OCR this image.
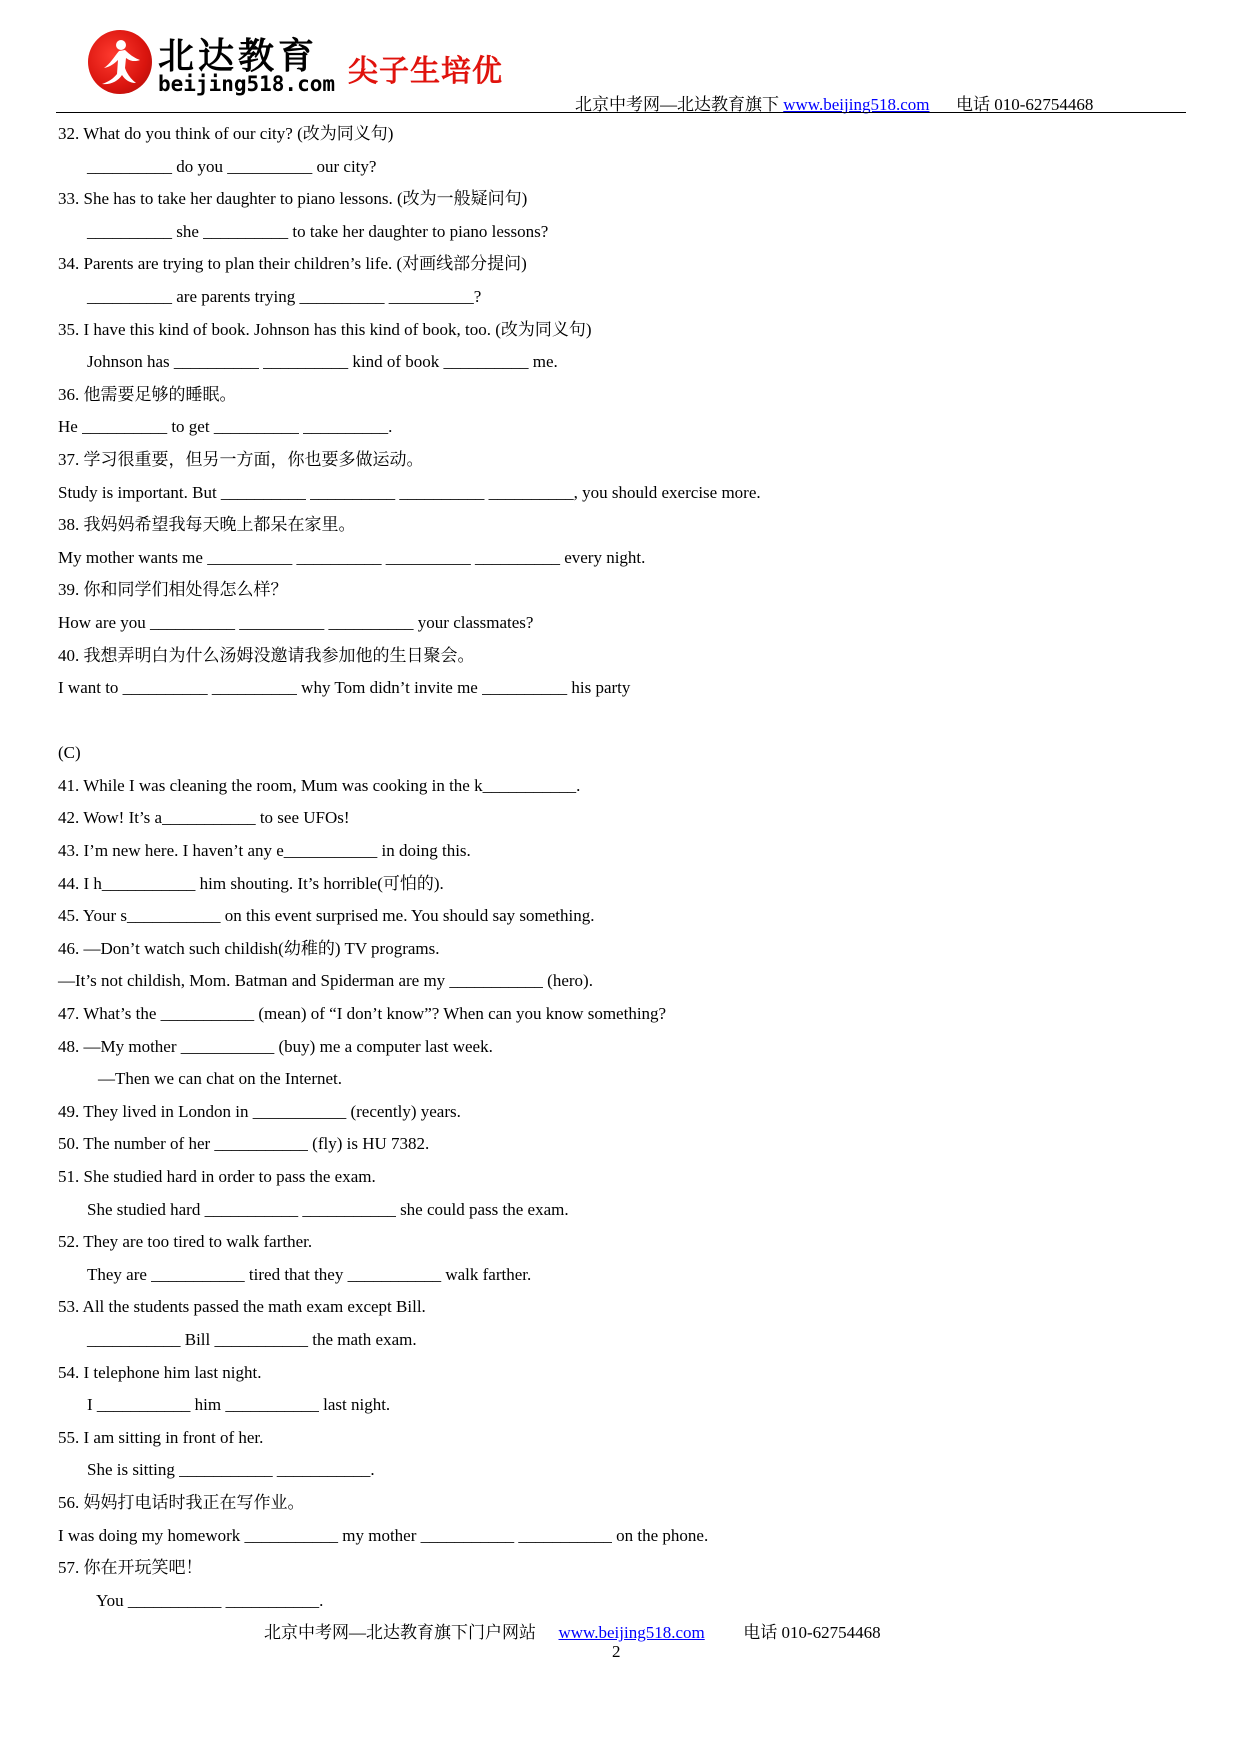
北达教育
beijing518.com 尖子生培优
北京中考网—北达教育旗下 www.beijing518.com 电话 010-62754468
32. What do you think of our city? (改为同义句)
__________ do you __________ our city?
33. She has to take her daughter to piano lessons. (改为一般疑问句)
__________ she __________ to take her daughter to piano lessons?
34. Parents are trying to plan their children’s life. (对画线部分提问)
__________ are parents trying __________ __________?
35. I have this kind of book. Johnson has this kind of book, too. (改为同义句)
Johnson has __________ __________ kind of book __________ me.
36. 他需要足够的睡眠。
He __________ to get __________ __________.
37. 学习很重要，但另一方面，你也要多做运动。
Study is important. But __________ __________ __________ __________, you should exercise more.
38. 我妈妈希望我每天晚上都呆在家里。
My mother wants me __________ __________ __________ __________ every night.
39. 你和同学们相处得怎么样？
How are you __________ __________ __________ your classmates?
40. 我想弄明白为什么汤姆没邀请我参加他的生日聚会。
I want to __________ __________ why Tom didn’t invite me __________ his party
(C)
41. While I was cleaning the room, Mum was cooking in the k___________.
42. Wow! It’s a___________ to see UFOs!
43. I’m new here. I haven’t any e___________ in doing this.
44. I h___________ him shouting. It’s horrible(可怕的).
45. Your s___________ on this event surprised me. You should say something.
46. —Don’t watch such childish(幼稚的) TV programs.
—It’s not childish, Mom. Batman and Spiderman are my ___________ (hero).
47. What’s the ___________ (mean) of “I don’t know”? When can you know something?
48. —My mother ___________ (buy) me a computer last week.
—Then we can chat on the Internet.
49. They lived in London in ___________ (recently) years.
50. The number of her ___________ (fly) is HU 7382.
51. She studied hard in order to pass the exam.
She studied hard ___________ ___________ she could pass the exam.
52. They are too tired to walk farther.
They are ___________ tired that they ___________ walk farther.
53. All the students passed the math exam except Bill.
___________ Bill ___________ the math exam.
54. I telephone him last night.
I ___________ him ___________ last night.
55. I am sitting in front of her.
She is sitting ___________ ___________.
56. 妈妈打电话时我正在写作业。
I was doing my homework ___________ my mother ___________ ___________ on the phone.
57. 你在开玩笑吧！
You ___________ ___________.
北京中考网—北达教育旗下门户网站 www.beijing518.com 电话 010-62754468
2
